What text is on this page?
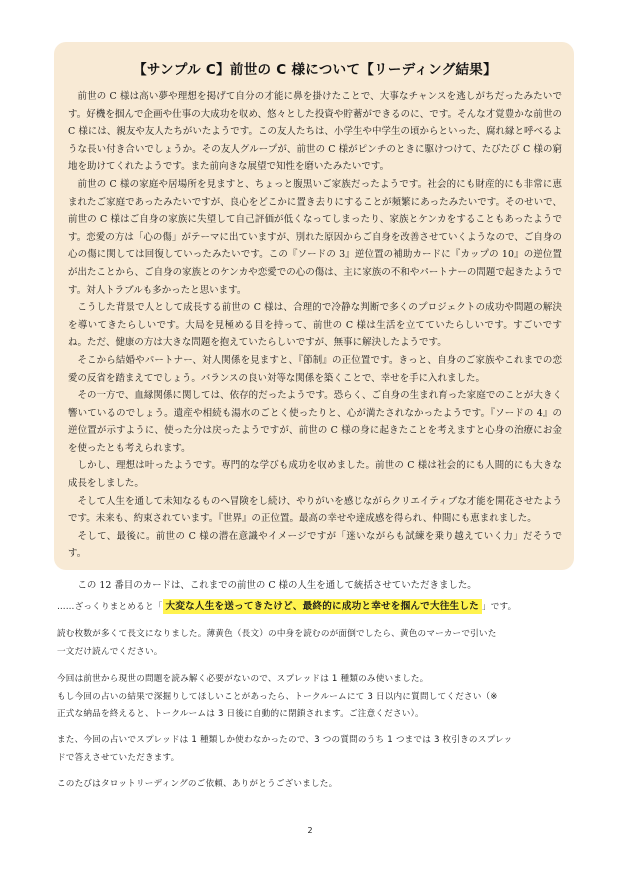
【サンプル C】前世の C 様について【リーディング結果】

前世の C 様は高い夢や理想を掲げて自分の才能に鼻を掛けたことで、大事なチャンスを逃しがちだったみたいです。好機を掴んで企画や仕事の大成功を収め、悠々とした投資や貯蓄ができるのに、です。そんな才覚豊かな前世の C 様には、親友や友人たちがいたようです。この友人たちは、小学生や中学生の頃からといった、腐れ縁と呼べるような長い付き合いでしょうか。その友人グループが、前世の C 様がピンチのときに駆けつけて、たびたび C 様の窮地を助けてくれたようです。また前向きな展望で知性を磨いたみたいです。

前世の C 様の家庭や居場所を見ますと、ちょっと腹黒いご家族だったようです。社会的にも財産的にも非常に恵まれたご家庭であったみたいですが、良心をどこかに置き去りにすることが頻繁にあったみたいです。そのせいで、前世の C 様はご自身の家族に失望して自己評価が低くなってしまったり、家族とケンカをすることもあったようです。恋愛の方は「心の傷」がテーマに出ていますが、別れた原因からご自身を改善させていくようなので、ご自身の心の傷に関しては回復していったみたいです。この『ソードの 3』逆位置の補助カードに『カップの 10』の逆位置が出たことから、ご自身の家族とのケンカや恋愛での心の傷は、主に家族の不和やパートナーの問題で起きたようです。対人トラブルも多かったと思います。

こうした背景で人として成長する前世の C 様は、合理的で冷静な判断で多くのプロジェクトの成功や問題の解決を導いてきたらしいです。大局を見極める目を持って、前世の C 様は生活を立てていたらしいです。すごいですね。ただ、健康の方は大きな問題を抱えていたらしいですが、無事に解決したようです。

そこから結婚やパートナー、対人関係を見ますと、『節制』の正位置です。きっと、自身のご家族やこれまでの恋愛の反省を踏まえてでしょう。バランスの良い対等な関係を築くことで、幸せを手に入れました。

その一方で、血縁関係に関しては、依存的だったようです。恐らく、ご自身の生まれ育った家庭でのことが大きく響いているのでしょう。遺産や相続も湯水のごとく使ったりと、心が満たされなかったようです。『ソードの 4』の逆位置が示すように、使った分は戻ったようですが、前世の C 様の身に起きたことを考えますと心身の治療にお金を使ったとも考えられます。

しかし、理想は叶ったようです。専門的な学びも成功を収めました。前世の C 様は社会的にも人間的にも大きな成長をしました。

そして人生を通して未知なるものへ冒険をし続け、やりがいを感じながらクリエイティブな才能を開花させたようです。未来も、約束されています。『世界』の正位置。最高の幸せや達成感を得られ、仲間にも恵まれました。

そして、最後に。前世の C 様の潜在意識やイメージですが「迷いながらも試練を乗り越えていく力」だそうです。

この 12 番目のカードは、これまでの前世の C 様の人生を通して統括させていただきました。

……ざっくりまとめると「 大変な人生を送ってきたけど、最終的に成功と幸せを掴んで大往生した 」です。

読む枚数が多くて長文になりました。薄黄色（長文）の中身を読むのが面倒でしたら、黄色のマーカーで引いた

一文だけ読んでください。

今回は前世から現世の問題を読み解く必要がないので、スプレッドは 1 種類のみ使いました。

もし今回の占いの結果で深掘りしてほしいことがあったら、トークルームにて 3 日以内に質問してください（※

正式な納品を終えると、トークルームは 3 日後に自動的に閉鎖されます。ご注意ください）。

また、今回の占いでスプレッドは 1 種類しか使わなかったので、3 つの質問のうち 1 つまでは 3 枚引きのスプレッ

ドで答えさせていただきます。

このたびはタロットリーディングのご依頼、ありがとうございました。

2
